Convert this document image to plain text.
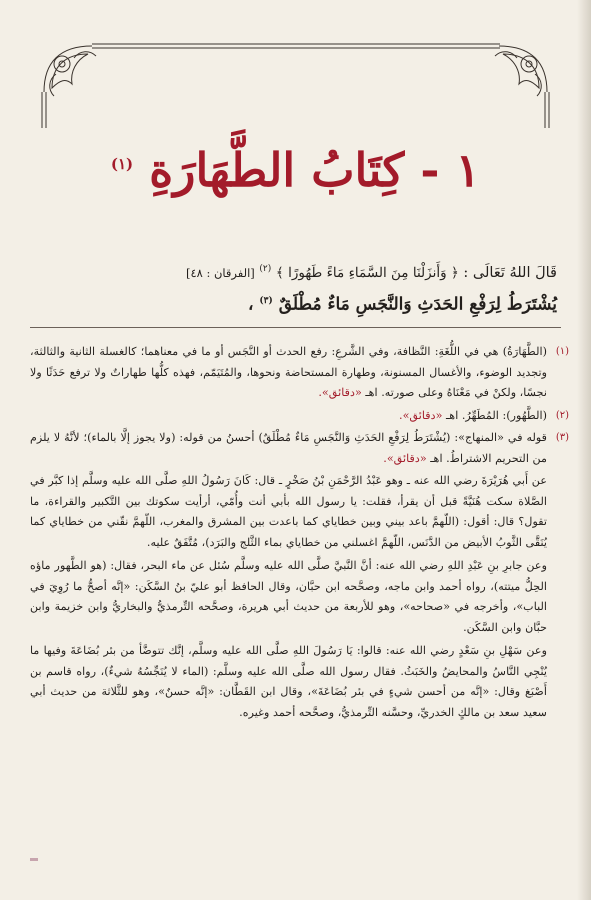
١ - كِتَابُ الطَّهَارَةِ $^{(١)}$
قَالَ اللهُ تَعَالَى : ﴿ وَأَنزَلْنَا مِنَ السَّمَاءِ مَاءً طَهُورًا ﴾ $^{(٢)}$ [الفرقان : ٤٨]
يُشْتَرَطُ لِرَفْعِ الحَدَثِ وَالنَّجَسِ مَاءٌ مُطْلَقٌ $^{(٣)}$ ،
(١)
(الطَّهَارَةُ) هي في اللُّغَةِ: النَّظافة، وفي الشَّرعِ: رفع الحدث أو النَّجَس أو ما في معناهما؛ كالغسلة الثانية والثالثة، وتجديد الوضوء، والأغسال المسنونة، وطهارة المستحاضة ونحوها، والمُتَيَمّم، فهذه كلُّها طهاراتٌ ولا ترفع حَدَثًا ولا نجسًا، ولكنْ في مَعْنَاهُ وعلى صورته. اهـ «دقائق».
(٢)
(الطَّهُور): المُطَهِّرُ. اهـ «دقائق».
(٣)
قوله في «المنهاج»: (يُشْتَرَطُ لِرَفْعِ الحَدَثِ وَالنَّجَسِ مَاءٌ مُطْلَقٌ) أحسنُ من قوله: (ولا يجوز إلَّا بالماء)؛ لأنَّهُ لا يلزم من التحريم الاشتراطُ. اهـ «دقائق».
عن أَبي هُرَيْرَةَ رضي الله عنه ـ وهو عَبْدُ الرَّحْمَنِ بْنُ صَخْرٍ ـ قال: كَانَ رَسُولُ اللهِ صلَّى الله عليه وسلَّم إذا كبَّر في الصَّلاة سكت هُنَيَّةً قبل أن يقرأ، فقلت: يا رسول الله بأبي أنت وأُمّي، أرأيت سكوتك بين التَّكبير والقراءة، ما تقول؟ قال: أقول: (اللّهمَّ باعد بيني وبين خطاياي كما باعدت بين المشرق والمغرب، اللّهمَّ نقّني من خطاياي كما يُنَقَّى الثَّوبُ الأبيض من الدَّنَس، اللّهمَّ اغسلني من خطاياي بماء الثَّلج والبَرَد)، مُتَّفَقٌ عليه.
وعن جابرِ بنِ عَبْدِ اللهِ رضي الله عنه: أنَّ النَّبيَّ صلَّى الله عليه وسلَّم سُئل عن ماء البحر، فقال: (هو الطَّهور ماؤه الحِلُّ ميتته)، رواه أحمد وابن ماجه، وصحَّحه ابن حبَّان، وقال الحافظ أبو عليّ بنُ السَّكَن: «إنَّه أصحُّ ما رُوِيَ في الباب»، وأخرجه في «صحاحه»، وهو للأربعة من حديث أبي هريرة، وصحَّحه التِّرمذيُّ والبخاريُّ وابن خزيمة وابن حبَّان وابن السَّكَن.
وعن سَهْلِ بنِ سَعْدٍ رضي الله عنه: قالوا: يَا رَسُولَ اللهِ صلَّى الله عليه وسلَّم، إنَّك تتوضَّأ من بئر بُضَاعَةَ وفيها ما يُنْجِي النَّاسُ والمحايضُ والخَبَثُ. فقال رسول الله صلَّى الله عليه وسلَّم: (الماء لا يُنَجِّسُهُ شيءٌ)، رواه قاسم بن أَصْبَغ وقال: «إنَّه من أحسن شيءٍ في بئر بُضَاعَةَ»، وقال ابن القَطَّان: «إنَّه حسنٌ»، وهو للثَّلاثة من حديث أبي سعيد سعد بن مالكٍ الخدريِّ، وحسَّنه التِّرمذيُّ، وصحَّحه أحمد وغيره.
